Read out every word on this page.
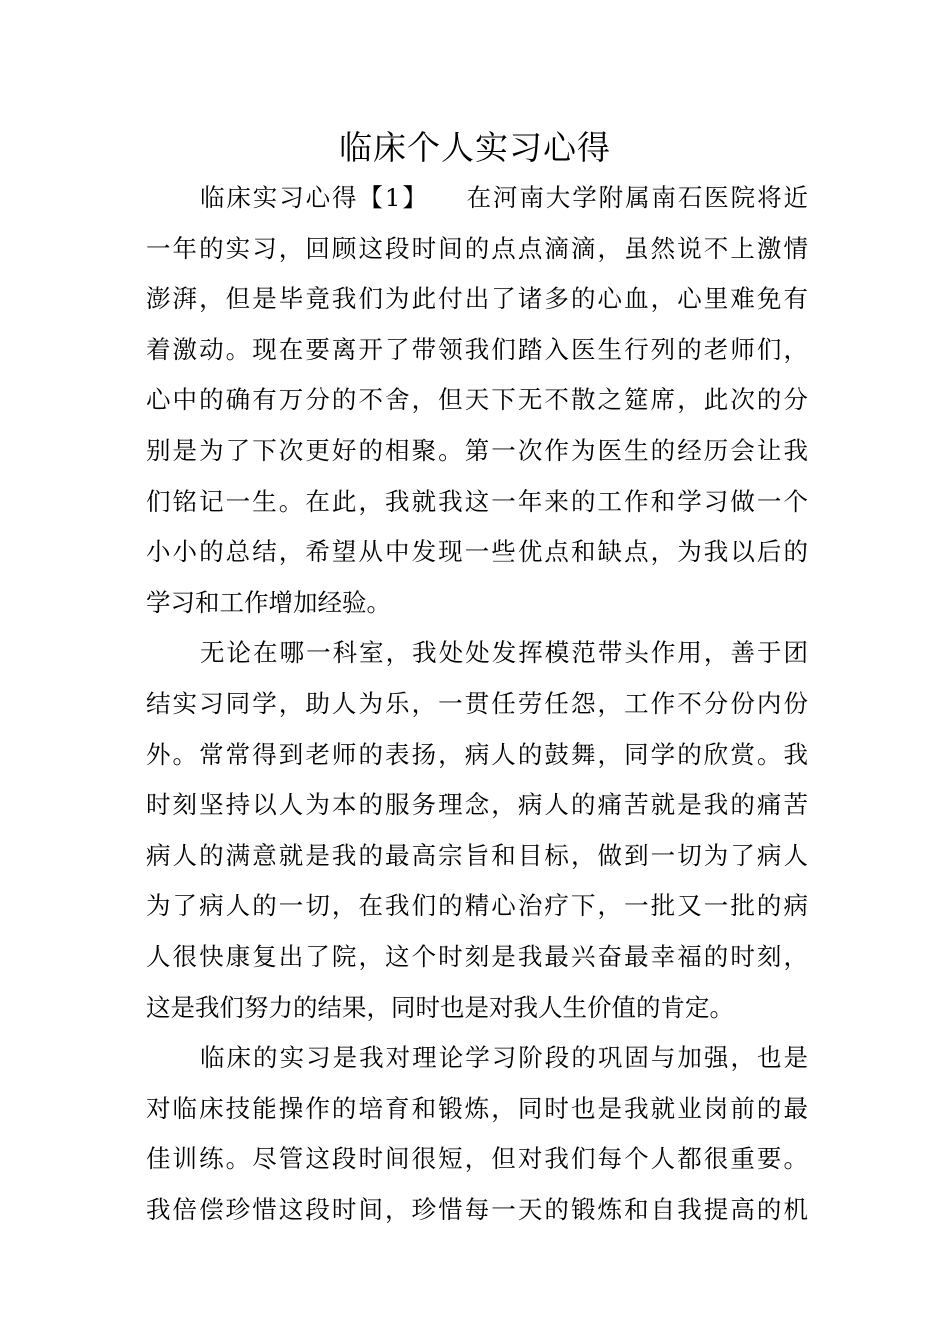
临床个人实习心得
临床实习心得【1】 在河南大学附属南石医院将近
一年的实习，回顾这段时间的点点滴滴，虽然说不上激情
澎湃，但是毕竟我们为此付出了诸多的心血，心里难免有
着激动。现在要离开了带领我们踏入医生行列的老师们，
心中的确有万分的不舍，但天下无不散之筵席，此次的分
别是为了下次更好的相聚。第一次作为医生的经历会让我
们铭记一生。在此，我就我这一年来的工作和学习做一个
小小的总结，希望从中发现一些优点和缺点，为我以后的
学习和工作增加经验。
无论在哪一科室，我处处发挥模范带头作用，善于团
结实习同学，助人为乐，一贯任劳任怨，工作不分份内份
外。常常得到老师的表扬，病人的鼓舞，同学的欣赏。我
时刻坚持以人为本的服务理念，病人的痛苦就是我的痛苦
病人的满意就是我的最高宗旨和目标，做到一切为了病人
为了病人的一切，在我们的精心治疗下，一批又一批的病
人很快康复出了院，这个时刻是我最兴奋最幸福的时刻，
这是我们努力的结果，同时也是对我人生价值的肯定。
临床的实习是我对理论学习阶段的巩固与加强，也是
对临床技能操作的培育和锻炼，同时也是我就业岗前的最
佳训练。尽管这段时间很短，但对我们每个人都很重要。
我倍偿珍惜这段时间，珍惜每一天的锻炼和自我提高的机
